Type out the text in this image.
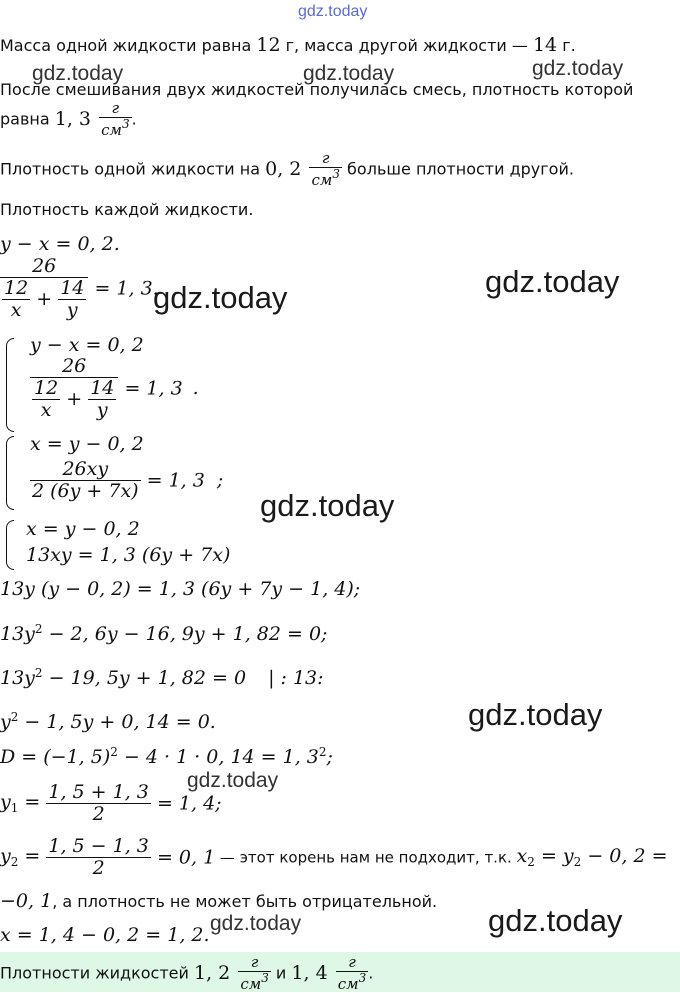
gdz.today
gdz.today	gdz.today	gdz.today
gdz.today	gdz.today
gdz.today
gdz.today
gdz.today
gdz.today	gdz.today
Масса одной жидкости равна 12 г, масса другой жидкости — 14 г.
После смешивания двух жидкостей получилась смесь, плотность которой
равна 1, $3 \frac{г}{см^3}$ .
Плотность одной жидкости на 0, $2 \frac{г}{см^3}$ больше плотности другой.
Плотность каждой жидкости.
y − x = 0, 2.
$\frac{26}{\frac{12}{x} + \frac{14}{y}} = 1$, 3.
y − x = 0, 2
$\frac{26}{\frac{12}{x} + \frac{14}{y}} = 1$, 3 .
x = y − 0, 2
$\frac{26xy}{2 (6y + 7x)} = 1$, 3 ;
x = y − 0, 2
13xy = 1, 3 (6y + 7x)
13y (y − 0, 2) = 1, 3 (6y + 7y − 1, 4);
$13y^2 - 2$, 6y − 16, 9y + 1, 82 = 0;
$13y^2 - 19$, 5y + 1, 82 = 0 | : 13:
$y^2 - 1$, 5y + 0, 14 = 0.
D = (−1, 5)$^2$ − 4 · 1 · 0, 14 = 1, $3^2$;
$y_1 = \frac{1, 5 + 1, 3}{2} = 1$, 4;
$y_2 = \frac{1, 5 - 1, 3}{2} = 0$, 1 — этот корень нам не подходит, т.к. $x_2 = y_2 - 0$, 2 =
−0, 1, а плотность не может быть отрицательной.
x = 1, 4 − 0, 2 = 1, 2.
Плотности жидкостей 1, $2 \frac{г}{см^3}$ и 1, $4 \frac{г}{см^3}$ .
